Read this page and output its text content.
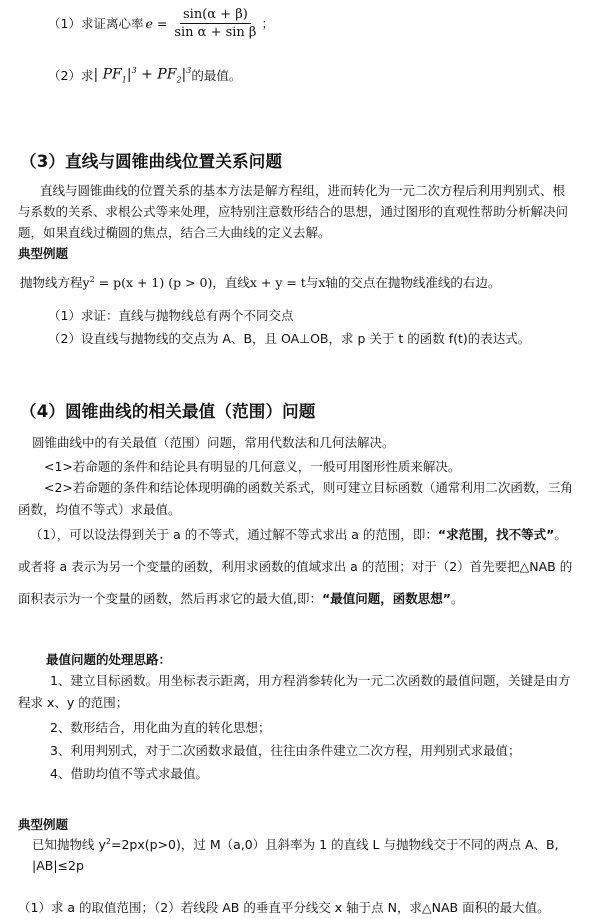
（1）求证离心率 $e = \frac{\sin(\alpha + \beta)}{\text{sin α + sin β}}$ ；
（2）求 | $PF_1|^3 + PF_2|^3$ 的最值。
（3）直线与圆锥曲线位置关系问题
直线与圆锥曲线的位置关系的基本方法是解方程组，进而转化为一元二次方程后利用判别式、根与系数的关系、求根公式等来处理，应特别注意数形结合的思想，通过图形的直观性帮助分析解决问题，如果直线过椭圆的焦点，结合三大曲线的定义去解。
典型例题
抛物线方程$y^2 = p(x + 1) (p > 0)$，直线x + y = t与x轴的交点在抛物线准线的右边。
（1）求证：直线与抛物线总有两个不同交点
（2）设直线与抛物线的交点为 A、B，且 OA⊥OB，求 p 关于 t 的函数 f(t)的表达式。
（4）圆锥曲线的相关最值（范围）问题
圆锥曲线中的有关最值（范围）问题，常用代数法和几何法解决。
<1>若命题的条件和结论具有明显的几何意义，一般可用图形性质来解决。
<2>若命题的条件和结论体现明确的函数关系式，则可建立目标函数（通常利用二次函数，三角函数，均值不等式）求最值。
（1），可以设法得到关于 a 的不等式，通过解不等式求出 a 的范围，即：“求范围，找不等式”。或者将 a 表示为另一个变量的函数，利用求函数的值域求出 a 的范围；对于（2）首先要把△NAB 的面积表示为一个变量的函数，然后再求它的最大值,即：“最值问题，函数思想”。
最值问题的处理思路：
1、建立目标函数。用坐标表示距离，用方程消参转化为一元二次函数的最值问题，关键是由方程求 x、y 的范围；
2、数形结合，用化曲为直的转化思想；
3、利用判别式，对于二次函数求最值，往往由条件建立二次方程，用判别式求最值；
4、借助均值不等式求最值。
典型例题
已知抛物线 $y^2=2px(p>0)$，过 M（a,0）且斜率为 1 的直线 L 与抛物线交于不同的两点 A、B,
|AB|≤2p
（1）求 a 的取值范围；（2）若线段 AB 的垂直平分线交 x 轴于点 N，求△NAB 面积的最大值。
